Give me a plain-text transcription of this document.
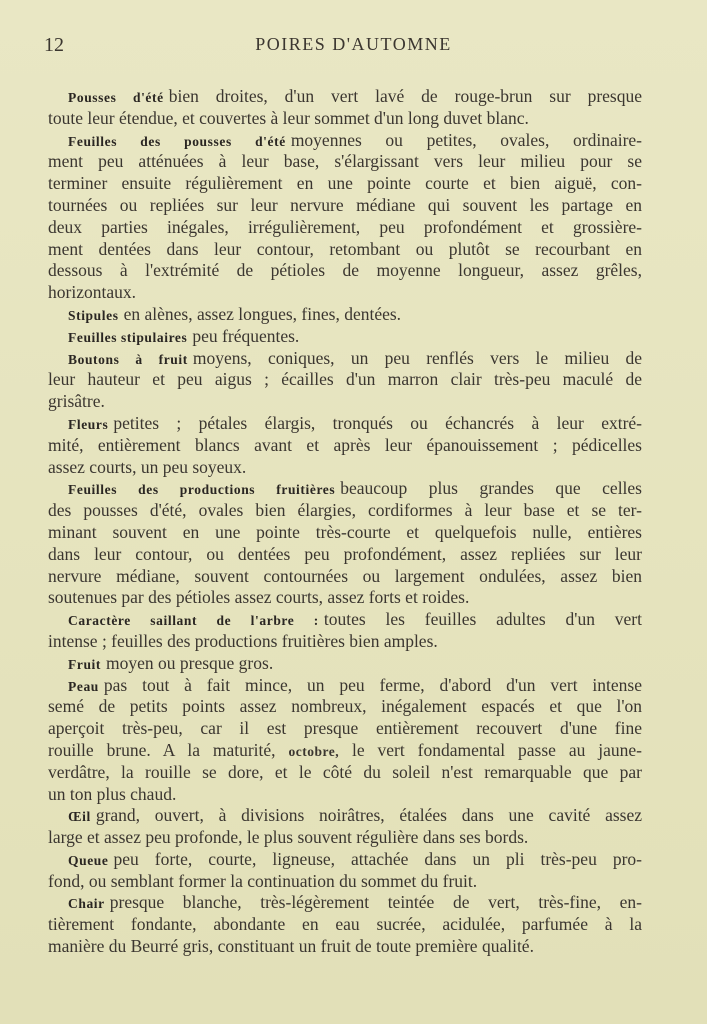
12	POIRES D'AUTOMNE
Pousses d'été bien droites, d'un vert lavé de rouge-brun sur presque
toute leur étendue, et couvertes à leur sommet d'un long duvet blanc.
Feuilles des pousses d'été moyennes ou petites, ovales, ordinaire-
ment peu atténuées à leur base, s'élargissant vers leur milieu pour se
terminer ensuite régulièrement en une pointe courte et bien aiguë, con-
tournées ou repliées sur leur nervure médiane qui souvent les partage en
deux parties inégales, irrégulièrement, peu profondément et grossière-
ment dentées dans leur contour, retombant ou plutôt se recourbant en
dessous à l'extrémité de pétioles de moyenne longueur, assez grêles,
horizontaux.
Stipules en alènes, assez longues, fines, dentées.
Feuilles stipulaires peu fréquentes.
Boutons à fruit moyens, coniques, un peu renflés vers le milieu de
leur hauteur et peu aigus ; écailles d'un marron clair très-peu maculé de
grisâtre.
Fleurs petites ; pétales élargis, tronqués ou échancrés à leur extré-
mité, entièrement blancs avant et après leur épanouissement ; pédicelles
assez courts, un peu soyeux.
Feuilles des productions fruitières beaucoup plus grandes que celles
des pousses d'été, ovales bien élargies, cordiformes à leur base et se ter-
minant souvent en une pointe très-courte et quelquefois nulle, entières
dans leur contour, ou dentées peu profondément, assez repliées sur leur
nervure médiane, souvent contournées ou largement ondulées, assez bien
soutenues par des pétioles assez courts, assez forts et roides.
Caractère saillant de l'arbre : toutes les feuilles adultes d'un vert
intense ; feuilles des productions fruitières bien amples.
Fruit moyen ou presque gros.
Peau pas tout à fait mince, un peu ferme, d'abord d'un vert intense
semé de petits points assez nombreux, inégalement espacés et que l'on
aperçoit très-peu, car il est presque entièrement recouvert d'une fine
rouille brune. A la maturité, octobre, le vert fondamental passe au jaune-
verdâtre, la rouille se dore, et le côté du soleil n'est remarquable que par
un ton plus chaud.
Œil grand, ouvert, à divisions noirâtres, étalées dans une cavité assez
large et assez peu profonde, le plus souvent régulière dans ses bords.
Queue peu forte, courte, ligneuse, attachée dans un pli très-peu pro-
fond, ou semblant former la continuation du sommet du fruit.
Chair presque blanche, très-légèrement teintée de vert, très-fine, en-
tièrement fondante, abondante en eau sucrée, acidulée, parfumée à la
manière du Beurré gris, constituant un fruit de toute première qualité.
